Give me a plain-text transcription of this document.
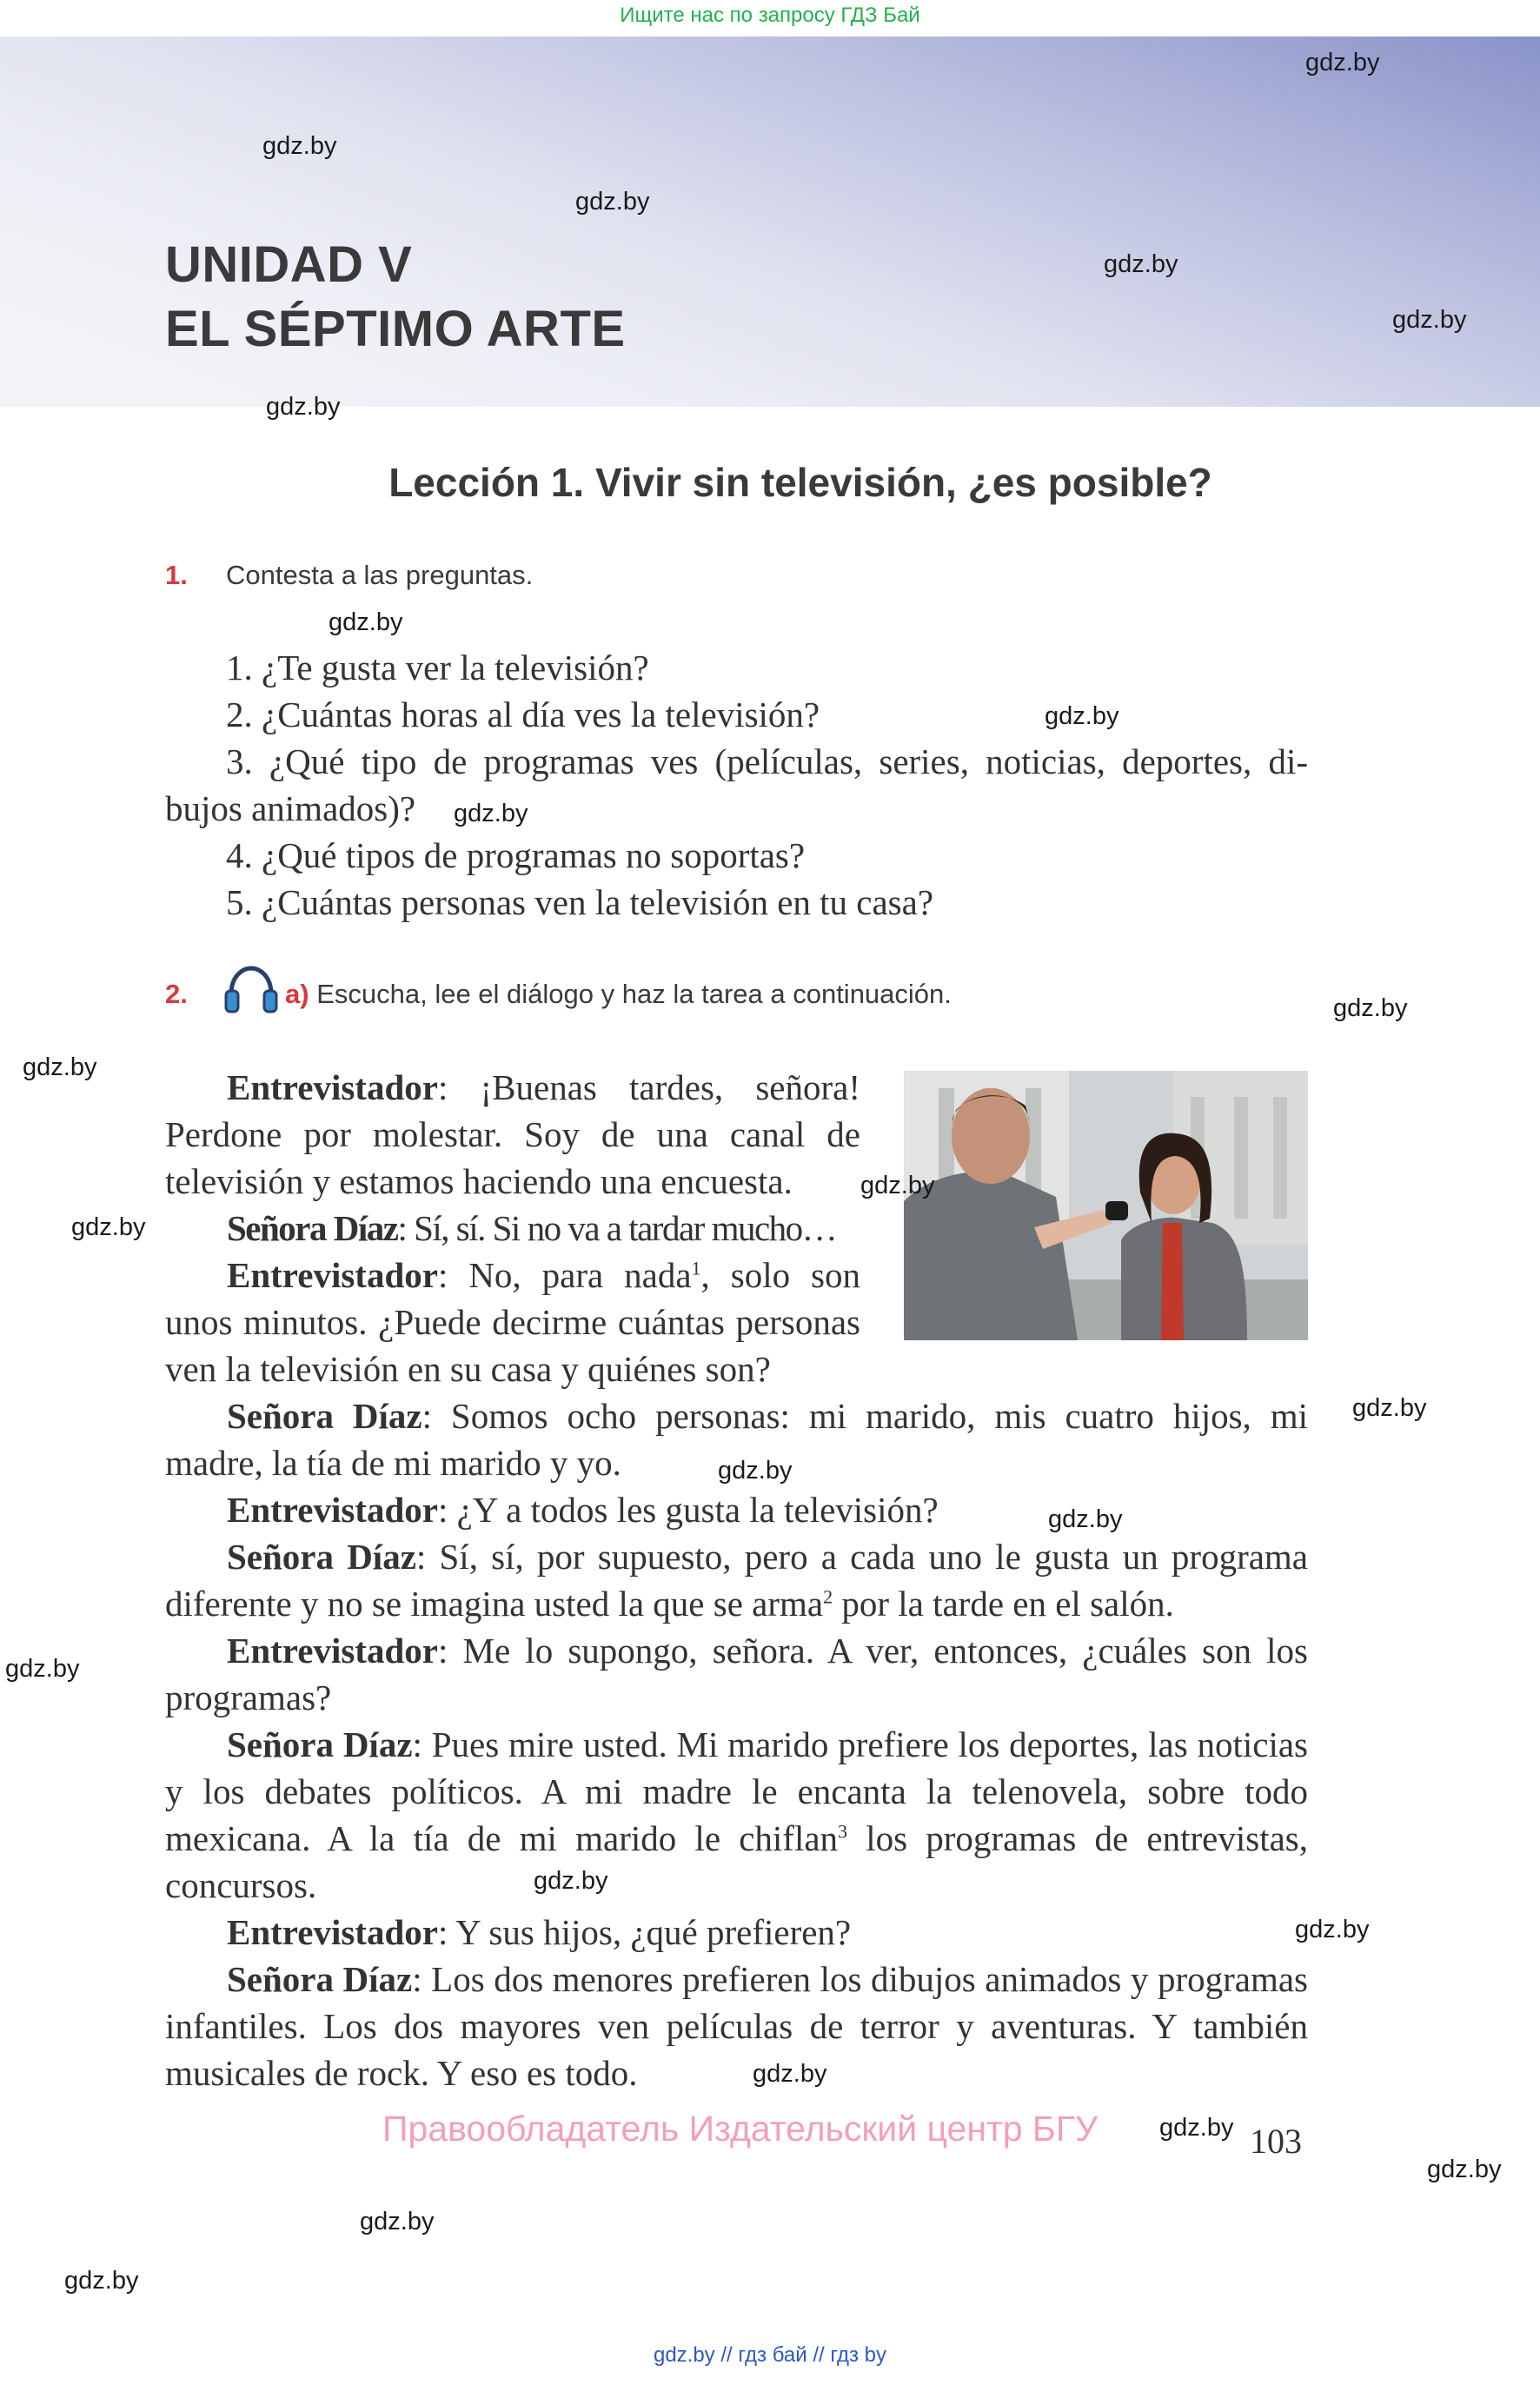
Ищите нас по запросу ГДЗ Бай
UNIDAD V
EL SÉPTIMO ARTE
Lección 1. Vivir sin televisión, ¿es posible?
1. Contesta a las preguntas.
1. ¿Te gusta ver la televisión?
2. ¿Cuántas horas al día ves la televisión?
3. ¿Qué tipo de programas ves (películas, series, noticias, deportes, di-
bujos animados)?
4. ¿Qué tipos de programas no soportas?
5. ¿Cuántas personas ven la televisión en tu casa?
2.	a) Escucha, lee el diálogo y haz la tarea a continuación.

Entrevistador: ¡Buenas tardes, señora! Perdone por molestar. Soy de una canal de televisión y estamos haciendo una encuesta.

Señora Díaz: Sí, sí. Si no va a tardar mucho…

Entrevistador: No, para nada$^1$, solo son unos minutos. ¿Puede decirme cuántas personas ven la televisión en su casa y quiénes son?

Señora Díaz: Somos ocho personas: mi marido, mis cuatro hijos, mi madre, la tía de mi marido y yo.

Entrevistador: ¿Y a todos les gusta la televisión?

Señora Díaz: Sí, sí, por supuesto, pero a cada uno le gusta un programa diferente y no se imagina usted la que se arma$^2$ por la tarde en el salón.

Entrevistador: Me lo supongo, señora. A ver, entonces, ¿cuáles son los programas?

Señora Díaz: Pues mire usted. Mi marido prefiere los deportes, las noticias y los debates políticos. A mi madre le encanta la telenovela, sobre todo mexicana. A la tía de mi marido le chiflan$^3$ los programas de entrevistas, concursos.

Entrevistador: Y sus hijos, ¿qué prefieren?

Señora Díaz: Los dos menores prefieren los dibujos animados y programas infantiles. Los dos mayores ven películas de terror y aventuras. Y también musicales de rock. Y eso es todo.

Правообладатель Издательский центр БГУ	103
gdz.by // гдз бай // гдз by
gdz.by
gdz.by
gdz.by
gdz.by
gdz.by
gdz.by
gdz.by
gdz.by
gdz.by
gdz.by
gdz.by
gdz.by
gdz.by
gdz.by
gdz.by
gdz.by
gdz.by
gdz.by
gdz.by
gdz.by
gdz.by
gdz.by
gdz.by
gdz.by
